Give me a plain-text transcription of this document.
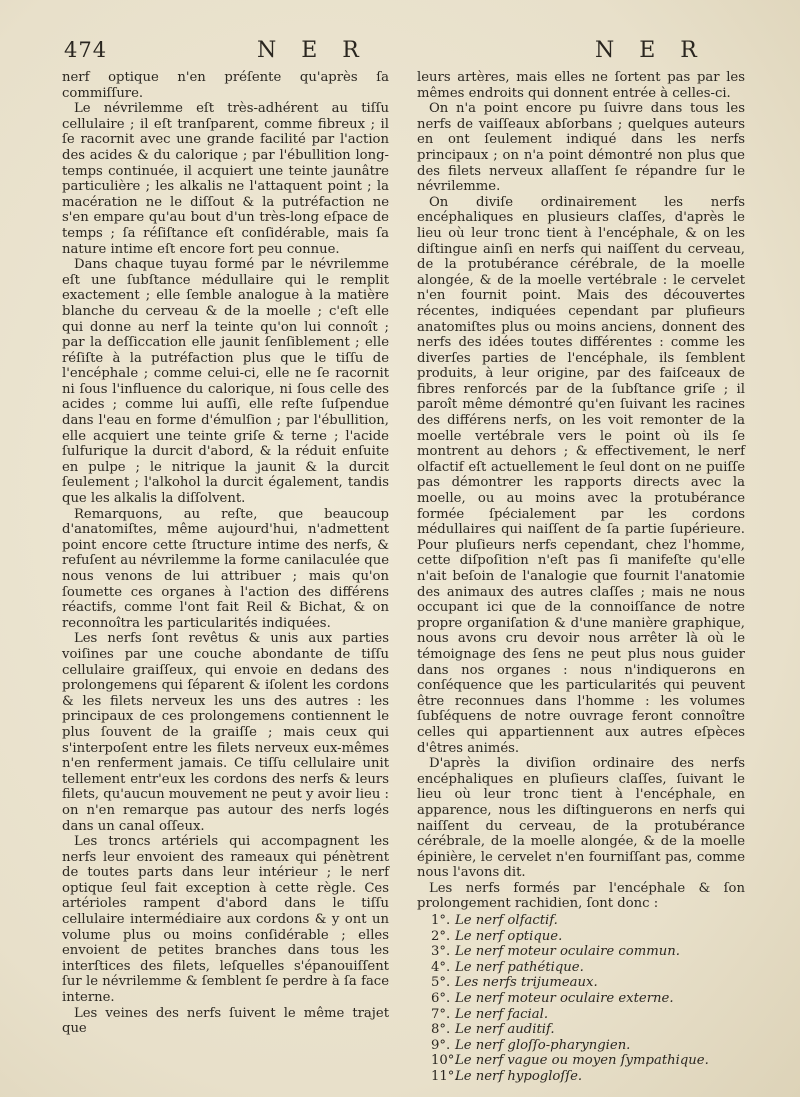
474	N E R	N E R

nerf optique n'en préſente qu'après ſa commiſſure.

Le névrilemme eſt très-adhérent au tiſſu cellulaire ; il eſt tranſparent, comme fibreux ; il ſe racornit avec une grande facilité par l'action des acides & du calorique ; par l'ébullition long-temps continuée, il acquiert une teinte jaunâtre particulière ; les alkalis ne l'attaquent point ; la macération ne le diſſout & la putréfaction ne s'en empare qu'au bout d'un très-long eſpace de temps ; ſa réſiſtance eſt conſidérable, mais ſa nature intime eſt encore fort peu connue.

Dans chaque tuyau formé par le névrilemme eſt une ſubſtance médullaire qui le remplit exactement ; elle ſemble analogue à la matière blanche du cerveau & de la moelle ; c'eſt elle qui donne au nerf la teinte qu'on lui connoît ; par la deſſiccation elle jaunit ſenſiblement ; elle réſiſte à la putréfaction plus que le tiſſu de l'encéphale ; comme celui-ci, elle ne ſe racornit ni ſous l'influence du calorique, ni ſous celle des acides ; comme lui auſſi, elle reſte ſuſpendue dans l'eau en forme d'émulſion ; par l'ébullition, elle acquiert une teinte griſe & terne ; l'acide ſulfurique la durcit d'abord, & la réduit enſuite en pulpe ; le nitrique la jaunit & la durcit ſeulement ; l'alkohol la durcit également, tandis que les alkalis la diſſolvent.

Remarquons, au reſte, que beaucoup d'anatomiſtes, même aujourd'hui, n'admettent point encore cette ſtructure intime des nerfs, & refuſent au névrilemme la forme canilaculée que nous venons de lui attribuer ; mais qu'on ſoumette ces organes à l'action des différens réactifs, comme l'ont fait Reil & Bichat, & on reconnoîtra les particularités indiquées.

Les nerfs ſont revêtus & unis aux parties voiſines par une couche abondante de tiſſu cellulaire graiſſeux, qui envoie en dedans des prolongemens qui ſéparent & iſolent les cordons & les filets nerveux les uns des autres : les principaux de ces prolongemens contiennent le plus ſouvent de la graiſſe ; mais ceux qui s'interpoſent entre les filets nerveux eux-mêmes n'en renferment jamais. Ce tiſſu cellulaire unit tellement entr'eux les cordons des nerfs & leurs filets, qu'aucun mouvement ne peut y avoir lieu : on n'en remarque pas autour des nerfs logés dans un canal oſſeux.

Les troncs artériels qui accompagnent les nerfs leur envoient des rameaux qui pénètrent de toutes parts dans leur intérieur ; le nerf optique ſeul fait exception à cette règle. Ces artérioles rampent d'abord dans le tiſſu cellulaire intermédiaire aux cordons & y ont un volume plus ou moins conſidérable ; elles envoient de petites branches dans tous les interſtices des filets, leſquelles s'épanouiſſent ſur le névrilemme & ſemblent ſe perdre à ſa face interne.

Les veines des nerfs ſuivent le même trajet que

leurs artères, mais elles ne ſortent pas par les mêmes endroits qui donnent entrée à celles-ci.

On n'a point encore pu ſuivre dans tous les nerfs de vaiſſeaux abſorbans ; quelques auteurs en ont ſeulement indiqué dans les nerfs principaux ; on n'a point démontré non plus que des filets nerveux allaſſent ſe répandre ſur le névrilemme.

On diviſe ordinairement les nerfs encéphaliques en plusieurs claſſes, d'après le lieu où leur tronc tient à l'encéphale, & on les diſtingue ainſi en nerfs qui naiſſent du cerveau, de la protubérance cérébrale, de la moelle alongée, & de la moelle vertébrale : le cervelet n'en fournit point. Mais des découvertes récentes, indiquées cependant par plufieurs anatomiſtes plus ou moins anciens, donnent des nerfs des idées toutes différentes : comme les diverſes parties de l'encéphale, ils ſemblent produits, à leur origine, par des faiſceaux de fibres renforcés par de la ſubſtance griſe ; il paroît même démontré qu'en ſuivant les racines des différens nerfs, on les voit remonter de la moelle vertébrale vers le point où ils ſe montrent au dehors ; & effectivement, le nerf olfactif eſt actuellement le ſeul dont on ne puiſſe pas démontrer les rapports directs avec la moelle, ou au moins avec la protubérance formée ſpécialement par les cordons médullaires qui naiſſent de ſa partie ſupérieure. Pour pluſieurs nerfs cependant, chez l'homme, cette diſpoſition n'eſt pas ſi manifeſte qu'elle n'ait beſoin de l'analogie que fournit l'anatomie des animaux des autres claſſes ; mais ne nous occupant ici que de la connoiſſance de notre propre organiſation & d'une manière graphique, nous avons cru devoir nous arrêter là où le témoignage des ſens ne peut plus nous guider dans nos organes : nous n'indiquerons en conſéquence que les particularités qui peuvent être reconnues dans l'homme : les volumes ſubſéquens de notre ouvrage feront connoître celles qui appartiennent aux autres eſpèces d'êtres animés.

D'après la diviſion ordinaire des nerfs encéphaliques en pluſieurs claſſes, ſuivant le lieu où leur tronc tient à l'encéphale, en apparence, nous les diſtinguerons en nerfs qui naiſſent du cerveau, de la protubérance cérébrale, de la moelle alongée, & de la moelle épinière, le cervelet n'en fourniſſant pas, comme nous l'avons dit.

Les nerfs formés par l'encéphale & ſon prolongement rachidien, ſont donc :

1°. Le nerf olfactif.
2°. Le nerf optique.
3°. Le nerf moteur oculaire commun.
4°. Le nerf pathétique.
5°. Les nerfs trijumeaux.
6°. Le nerf moteur oculaire externe.
7°. Le nerf facial.
8°. Le nerf auditif.
9°. Le nerf gloſſo-pharyngien.
10°.Le nerf vague ou moyen ſympathique.
11°.Le nerf hypogloſſe.
